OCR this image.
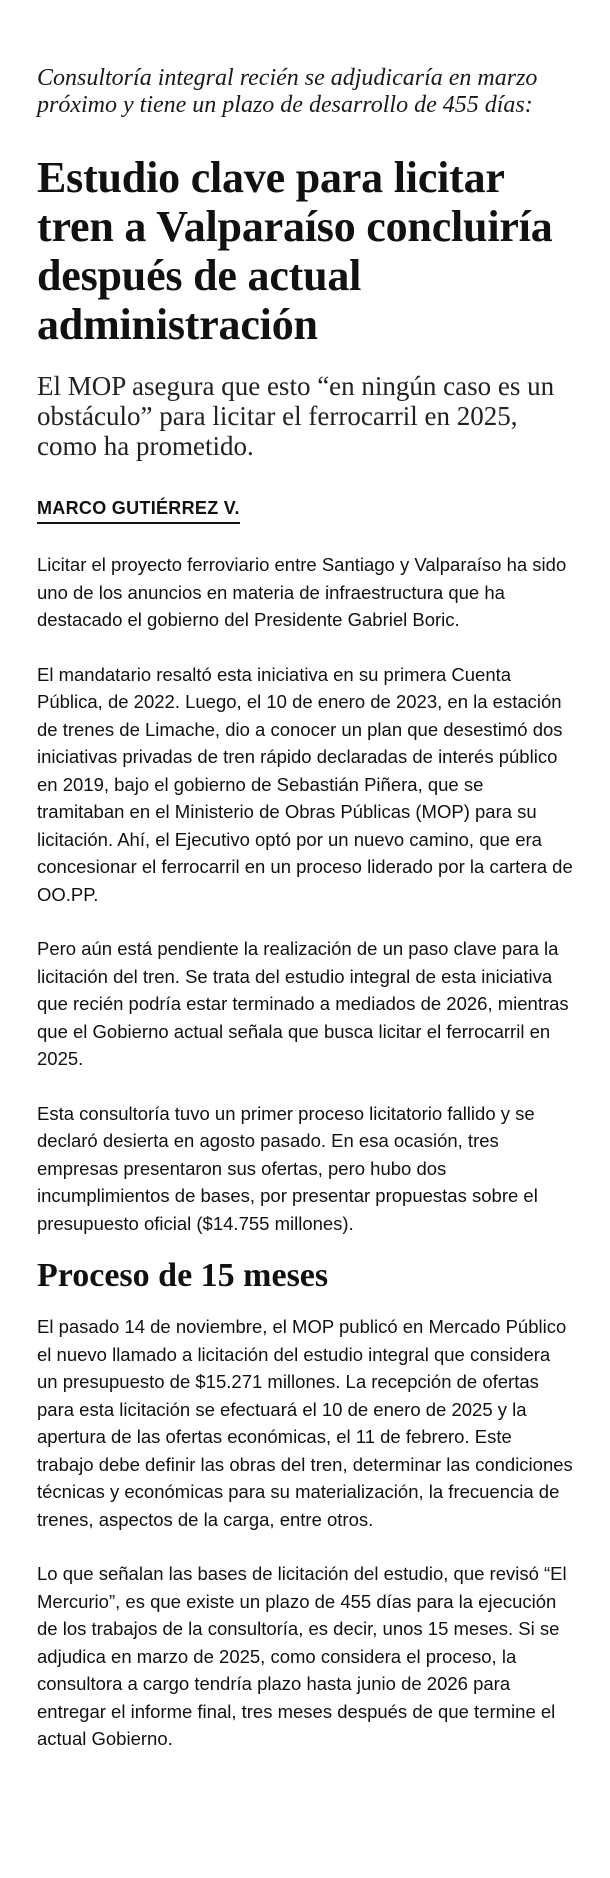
Consultoría integral recién se adjudicaría en marzo próximo y tiene un plazo de desarrollo de 455 días:

Estudio clave para licitar tren a Valparaíso concluiría después de actual administración

El MOP asegura que esto “en ningún caso es un obstáculo” para licitar el ferrocarril en 2025, como ha prometido.

MARCO GUTIÉRREZ V.

Licitar el proyecto ferroviario entre Santiago y Valparaíso ha sido uno de los anuncios en materia de infraestructura que ha destacado el gobierno del Presidente Gabriel Boric.

El mandatario resaltó esta iniciativa en su primera Cuenta Pública, de 2022. Luego, el 10 de enero de 2023, en la estación de trenes de Limache, dio a conocer un plan que desestimó dos iniciativas privadas de tren rápido declaradas de interés público en 2019, bajo el gobierno de Sebastián Piñera, que se tramitaban en el Ministerio de Obras Públicas (MOP) para su licitación. Ahí, el Ejecutivo optó por un nuevo camino, que era concesionar el ferrocarril en un proceso liderado por la cartera de OO.PP.

Pero aún está pendiente la realización de un paso clave para la licitación del tren. Se trata del estudio integral de esta iniciativa que recién podría estar terminado a mediados de 2026, mientras que el Gobierno actual señala que busca licitar el ferrocarril en 2025.

Esta consultoría tuvo un primer proceso licitatorio fallido y se declaró desierta en agosto pasado. En esa ocasión, tres empresas presentaron sus ofertas, pero hubo dos incumplimientos de bases, por presentar propuestas sobre el presupuesto oficial ($14.755 millones).

Proceso de 15 meses

El pasado 14 de noviembre, el MOP publicó en Mercado Público el nuevo llamado a licitación del estudio integral que considera un presupuesto de $15.271 millones. La recepción de ofertas para esta licitación se efectuará el 10 de enero de 2025 y la apertura de las ofertas económicas, el 11 de febrero. Este trabajo debe definir las obras del tren, determinar las condiciones técnicas y económicas para su materialización, la frecuencia de trenes, aspectos de la carga, entre otros.

Lo que señalan las bases de licitación del estudio, que revisó “El Mercurio”, es que existe un plazo de 455 días para la ejecución de los trabajos de la consultoría, es decir, unos 15 meses. Si se adjudica en marzo de 2025, como considera el proceso, la consultora a cargo tendría plazo hasta junio de 2026 para entregar el informe final, tres meses después de que termine el actual Gobierno.
